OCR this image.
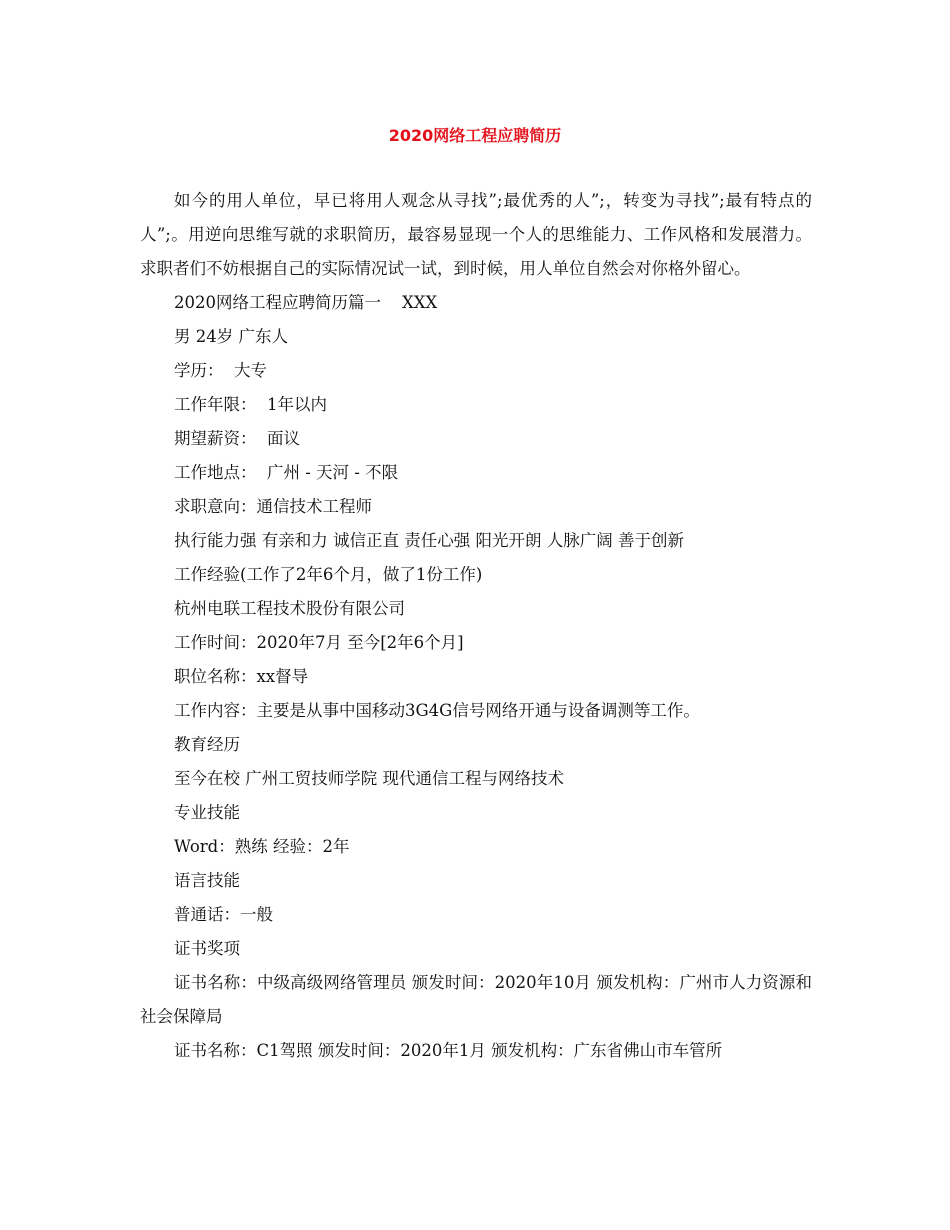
2020网络工程应聘简历

如今的用人单位，早已将用人观念从寻找”;最优秀的人”;，转变为寻找”;最有特点的人”;。用逆向思维写就的求职简历，最容易显现一个人的思维能力、工作风格和发展潜力。求职者们不妨根据自己的实际情况试一试，到时候，用人单位自然会对你格外留心。

2020网络工程应聘简历篇一    XXX

男 24岁 广东人

学历：  大专

工作年限：  1年以内

期望薪资：  面议

工作地点：  广州 - 天河 - 不限

求职意向：通信技术工程师

执行能力强 有亲和力 诚信正直 责任心强 阳光开朗 人脉广阔 善于创新

工作经验(工作了2年6个月，做了1份工作)

杭州电联工程技术股份有限公司

工作时间：2020年7月 至今[2年6个月]

职位名称：xx督导

工作内容：主要是从事中国移动3G4G信号网络开通与设备调测等工作。

教育经历

至今在校 广州工贸技师学院 现代通信工程与网络技术

专业技能

Word：熟练 经验：2年

语言技能

普通话：一般

证书奖项

证书名称：中级高级网络管理员 颁发时间：2020年10月 颁发机构：广州市人力资源和社会保障局

证书名称：C1驾照 颁发时间：2020年1月 颁发机构：广东省佛山市车管所
